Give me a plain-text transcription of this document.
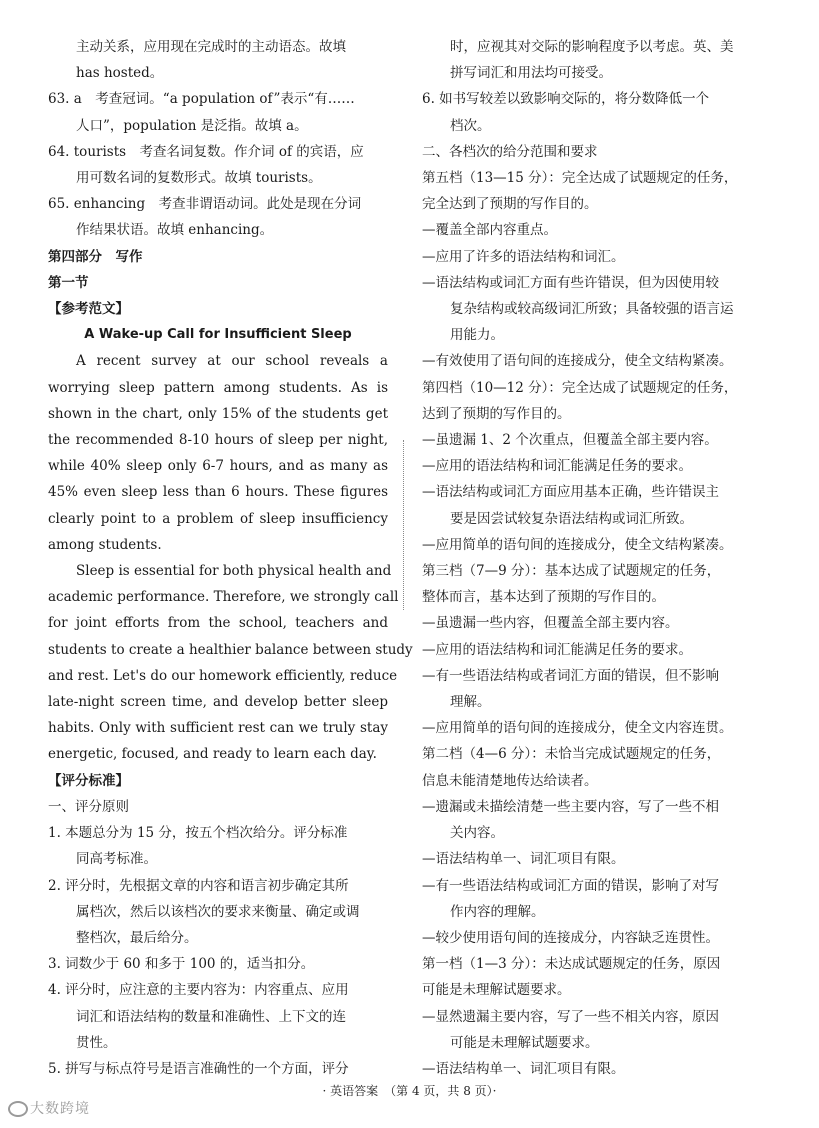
主动关系，应用现在完成时的主动语态。故填
has hosted。
63. a　考查冠词。“a population of”表示“有……
人口”，population 是泛指。故填 a。
64. tourists　考查名词复数。作介词 of 的宾语，应
用可数名词的复数形式。故填 tourists。
65. enhancing　考查非谓语动词。此处是现在分词
作结果状语。故填 enhancing。
第四部分　写作
第一节
【参考范文】
A Wake-up Call for Insufficient Sleep
A recent survey at our school reveals a
worrying sleep pattern among students. As is
shown in the chart, only 15% of the students get
the recommended 8-10 hours of sleep per night,
while 40% sleep only 6-7 hours, and as many as
45% even sleep less than 6 hours. These figures
clearly point to a problem of sleep insufficiency
among students.
Sleep is essential for both physical health and
academic performance. Therefore, we strongly call
for joint efforts from the school, teachers and
students to create a healthier balance between study
and rest. Let's do our homework efficiently, reduce
late-night screen time, and develop better sleep
habits. Only with sufficient rest can we truly stay
energetic, focused, and ready to learn each day.
【评分标准】
一、评分原则
1. 本题总分为 15 分，按五个档次给分。评分标准
同高考标准。
2. 评分时，先根据文章的内容和语言初步确定其所
属档次，然后以该档次的要求来衡量、确定或调
整档次，最后给分。
3. 词数少于 60 和多于 100 的，适当扣分。
4. 评分时，应注意的主要内容为：内容重点、应用
词汇和语法结构的数量和准确性、上下文的连
贯性。
5. 拼写与标点符号是语言准确性的一个方面，评分
时，应视其对交际的影响程度予以考虑。英、美
拼写词汇和用法均可接受。
6. 如书写较差以致影响交际的，将分数降低一个
档次。
二、各档次的给分范围和要求
第五档（13—15 分）：完全达成了试题规定的任务，
完全达到了预期的写作目的。
—覆盖全部内容重点。
—应用了许多的语法结构和词汇。
—语法结构或词汇方面有些许错误，但为因使用较
复杂结构或较高级词汇所致；具备较强的语言运
用能力。
—有效使用了语句间的连接成分，使全文结构紧凑。
第四档（10—12 分）：完全达成了试题规定的任务，
达到了预期的写作目的。
—虽遗漏 1、2 个次重点，但覆盖全部主要内容。
—应用的语法结构和词汇能满足任务的要求。
—语法结构或词汇方面应用基本正确，些许错误主
要是因尝试较复杂语法结构或词汇所致。
—应用简单的语句间的连接成分，使全文结构紧凑。
第三档（7—9 分）：基本达成了试题规定的任务，
整体而言，基本达到了预期的写作目的。
—虽遗漏一些内容，但覆盖全部主要内容。
—应用的语法结构和词汇能满足任务的要求。
—有一些语法结构或者词汇方面的错误，但不影响
理解。
—应用简单的语句间的连接成分，使全文内容连贯。
第二档（4—6 分）：未恰当完成试题规定的任务，
信息未能清楚地传达给读者。
—遗漏或未描绘清楚一些主要内容，写了一些不相
关内容。
—语法结构单一、词汇项目有限。
—有一些语法结构或词汇方面的错误，影响了对写
作内容的理解。
—较少使用语句间的连接成分，内容缺乏连贯性。
第一档（1—3 分）：未达成试题规定的任务，原因
可能是未理解试题要求。
—显然遗漏主要内容，写了一些不相关内容，原因
可能是未理解试题要求。
—语法结构单一、词汇项目有限。
· 英语答案　（第 4 页，共 8 页）·
大数跨境
